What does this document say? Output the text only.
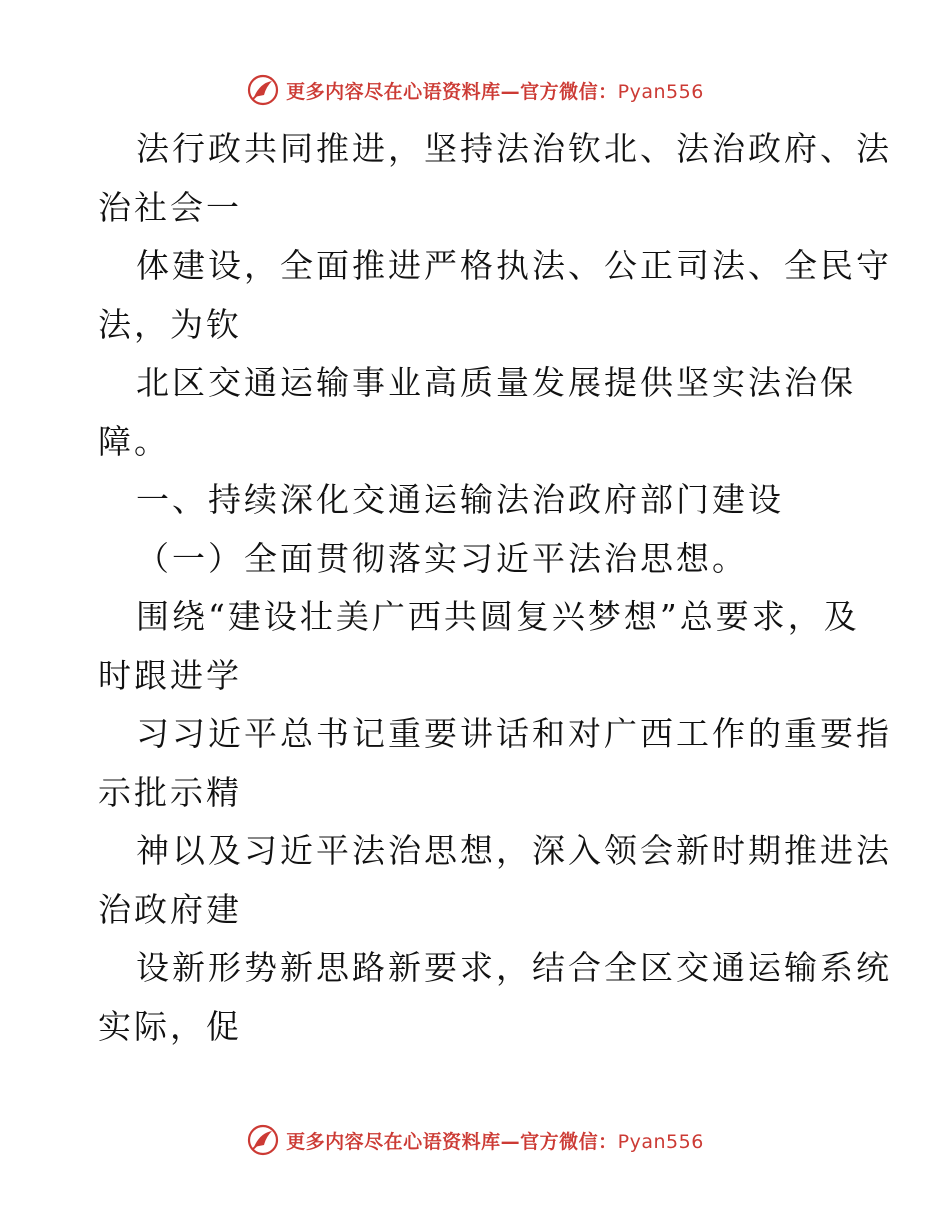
更多内容尽在心语资料库—官方微信：Pyan556
法行政共同推进，坚持法治钦北、法治政府、法
治社会一
体建设，全面推进严格执法、公正司法、全民守
法，为钦
北区交通运输事业高质量发展提供坚实法治保
障。
一、持续深化交通运输法治政府部门建设
（一）全面贯彻落实习近平法治思想。
围绕“建设壮美广西共圆复兴梦想”总要求，及
时跟进学
习习近平总书记重要讲话和对广西工作的重要指
示批示精
神以及习近平法治思想，深入领会新时期推进法
治政府建
设新形势新思路新要求，结合全区交通运输系统
实际，促
更多内容尽在心语资料库—官方微信：Pyan556
